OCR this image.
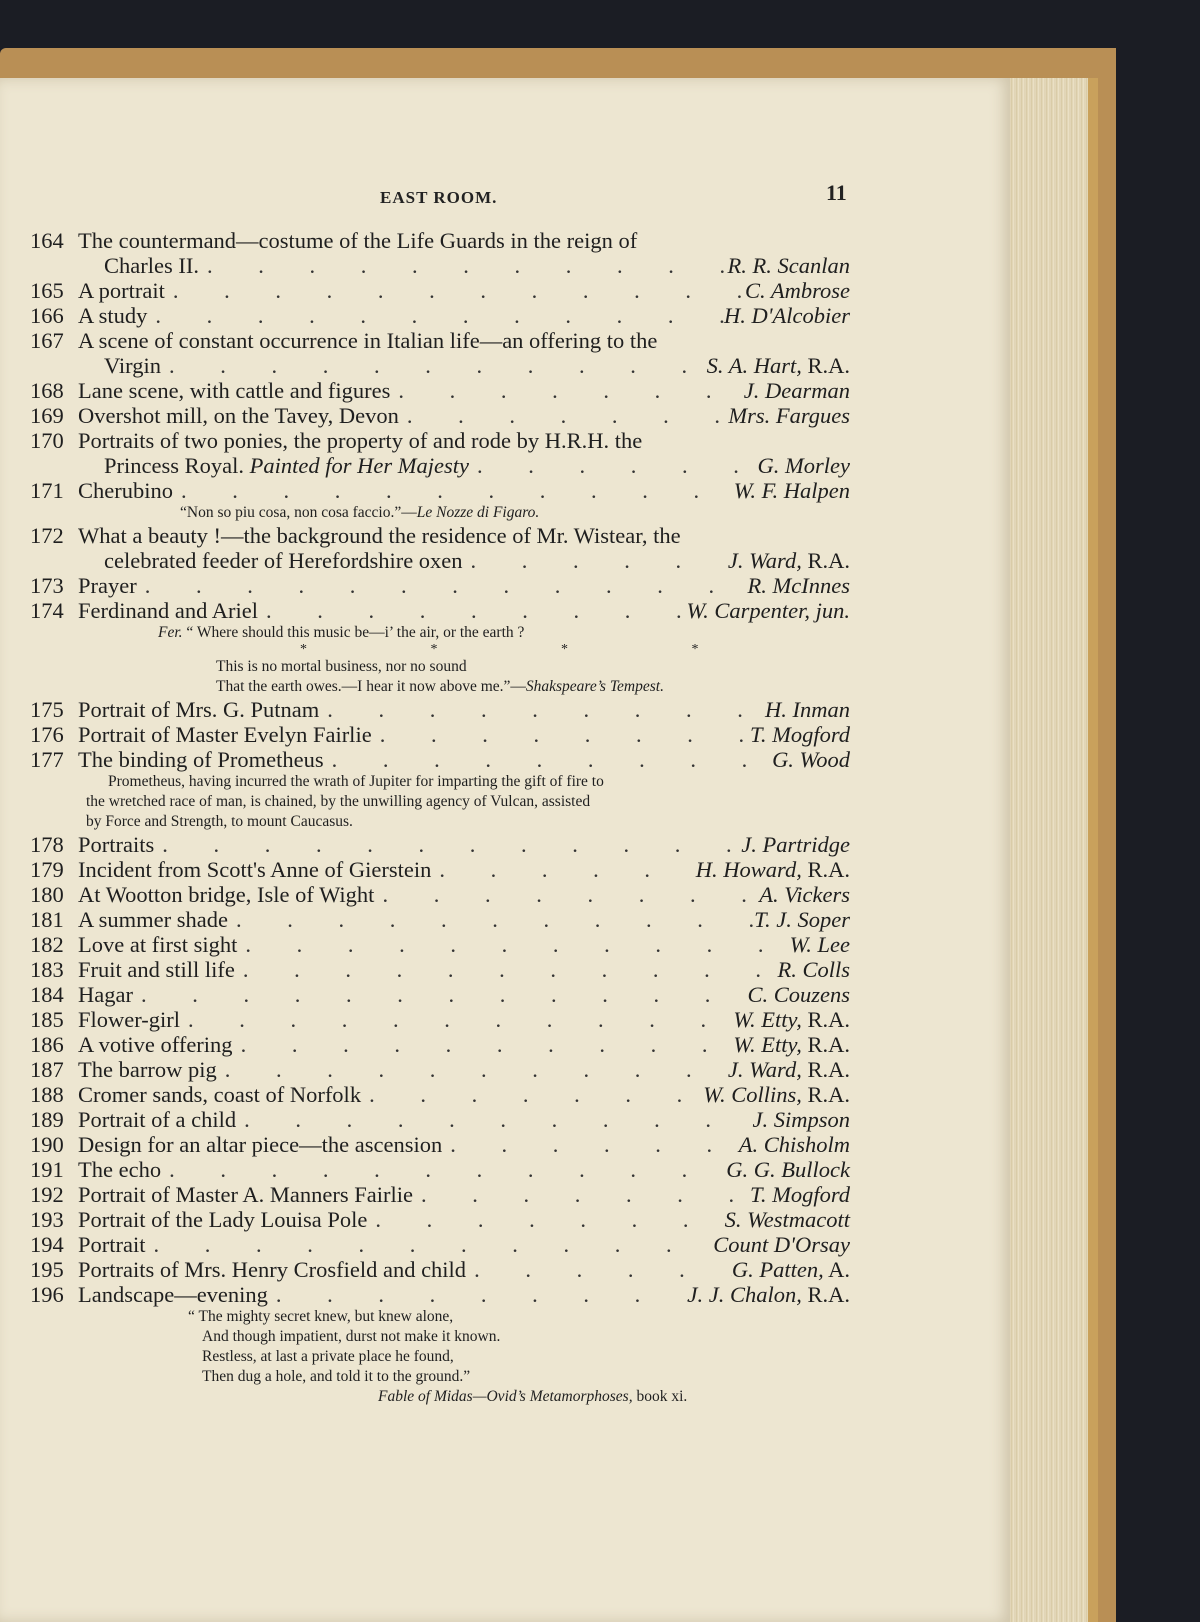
EAST ROOM.	11
164 The countermand—costume of the Life Guards in the reign of
Charles II. . . .	R. R. Scanlan
165 A portrait . . .	C. Ambrose
166 A study . . .	H. D'Alcobier
167 A scene of constant occurrence in Italian life—an offering to the
Virgin . . .	S. A. Hart, R.A.
168 Lane scene, with cattle and figures . . .	J. Dearman
169 Overshot mill, on the Tavey, Devon . . .	Mrs. Fargues
170 Portraits of two ponies, the property of and rode by H.R.H. the
Princess Royal. Painted for Her Majesty . . .	G. Morley
171 Cherubino . . .	W. F. Halpen
“Non so piu cosa, non cosa faccio.”—Le Nozze di Figaro.
172 What a beauty !—the background the residence of Mr. Wistear, the
celebrated feeder of Herefordshire oxen . . .	J. Ward, R.A.
173 Prayer . . .	R. McInnes
174 Ferdinand and Ariel . . .	W. Carpenter, jun.
Fer. “ Where should this music be—i’ the air, or the earth ?
* * * *
This is no mortal business, nor no sound
That the earth owes.—I hear it now above me.”—Shakspeare’s Tempest.
175 Portrait of Mrs. G. Putnam . . .	H. Inman
176 Portrait of Master Evelyn Fairlie . . .	T. Mogford
177 The binding of Prometheus . . .	G. Wood
Prometheus, having incurred the wrath of Jupiter for imparting the gift of fire to
the wretched race of man, is chained, by the unwilling agency of Vulcan, assisted
by Force and Strength, to mount Caucasus.
178 Portraits . . .	J. Partridge
179 Incident from Scott's Anne of Gierstein . . .	H. Howard, R.A.
180 At Wootton bridge, Isle of Wight . . .	A. Vickers
181 A summer shade . . .	T. J. Soper
182 Love at first sight . . .	W. Lee
183 Fruit and still life . . .	R. Colls
184 Hagar . . .	C. Couzens
185 Flower-girl . . .	W. Etty, R.A.
186 A votive offering . . .	W. Etty, R.A.
187 The barrow pig . . .	J. Ward, R.A.
188 Cromer sands, coast of Norfolk . . .	W. Collins, R.A.
189 Portrait of a child . . .	J. Simpson
190 Design for an altar piece—the ascension . . .	A. Chisholm
191 The echo . . .	G. G. Bullock
192 Portrait of Master A. Manners Fairlie . . .	T. Mogford
193 Portrait of the Lady Louisa Pole . . .	S. Westmacott
194 Portrait . . .	Count D'Orsay
195 Portraits of Mrs. Henry Crosfield and child . . .	G. Patten, A.
196 Landscape—evening . . .	J. J. Chalon, R.A.
“ The mighty secret knew, but knew alone,
And though impatient, durst not make it known.
Restless, at last a private place he found,
Then dug a hole, and told it to the ground.”
Fable of Midas—Ovid’s Metamorphoses, book xi.
